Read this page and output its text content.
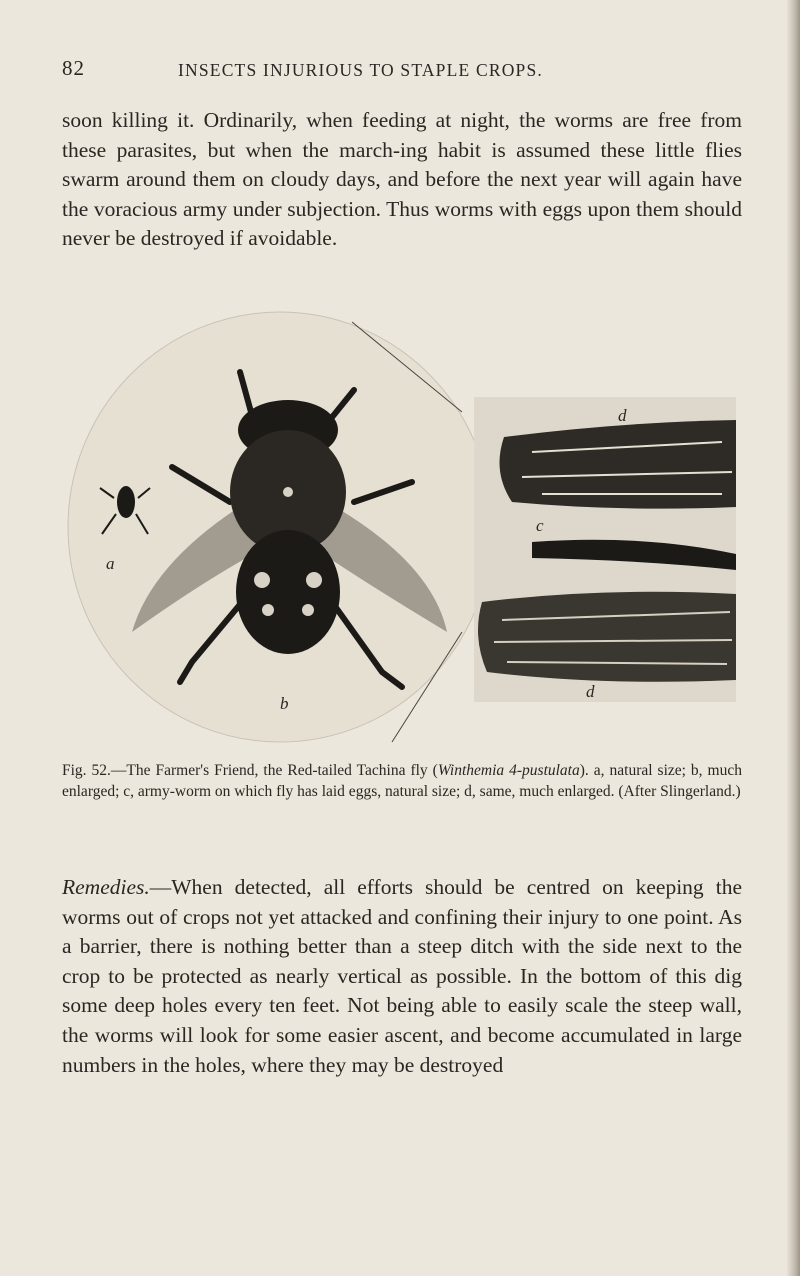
82	INSECTS INJURIOUS TO STAPLE CROPS.

soon killing it. Ordinarily, when feeding at night, the worms are free from these parasites, but when the march-ing habit is assumed these little flies swarm around them on cloudy days, and before the next year will again have the voracious army under subjection. Thus worms with eggs upon them should never be destroyed if avoidable.

a
b
c
d
d

Fig. 52.—The Farmer's Friend, the Red-tailed Tachina fly (Winthemia 4-pustulata). a, natural size; b, much enlarged; c, army-worm on which fly has laid eggs, natural size; d, same, much enlarged. (After Slingerland.)

Remedies.—When detected, all efforts should be centred on keeping the worms out of crops not yet attacked and confining their injury to one point. As a barrier, there is nothing better than a steep ditch with the side next to the crop to be protected as nearly vertical as possible. In the bottom of this dig some deep holes every ten feet. Not being able to easily scale the steep wall, the worms will look for some easier ascent, and become accumulated in large numbers in the holes, where they may be destroyed
